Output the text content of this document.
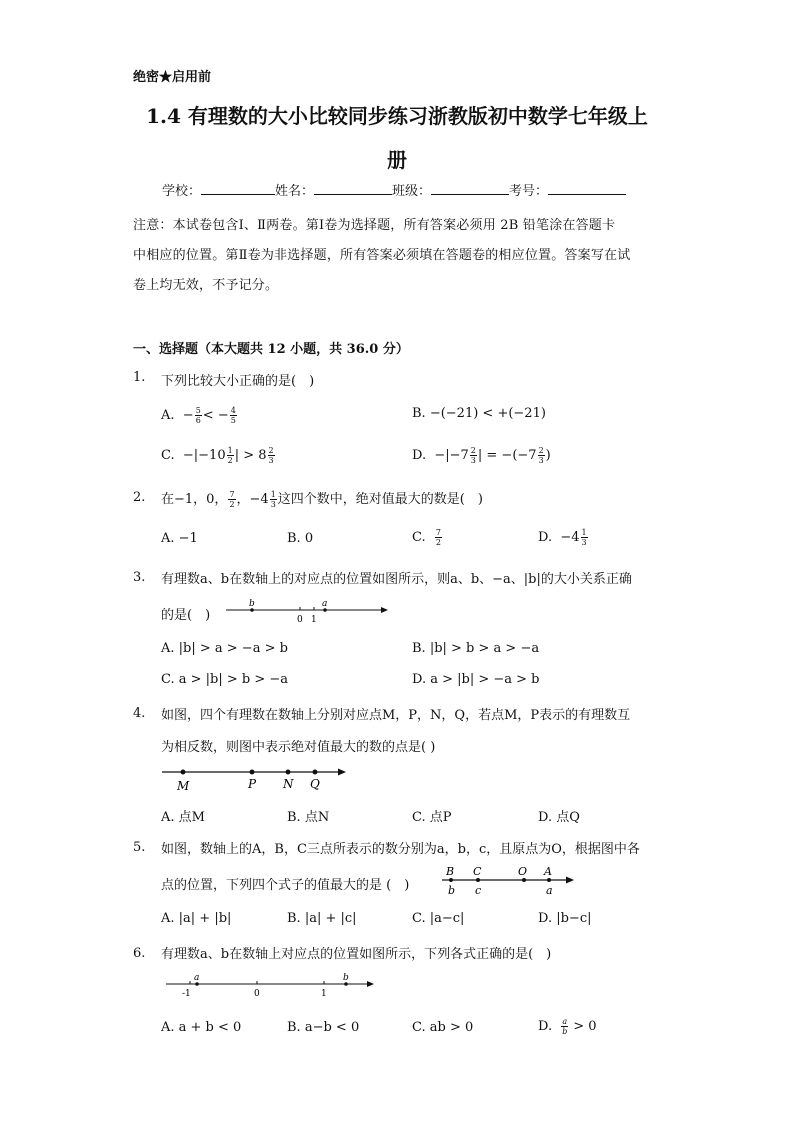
绝密★启用前
1.4 有理数的大小比较同步练习浙教版初中数学七年级上
册
学校：	姓名：	班级：	考号：
注意：本试卷包含Ⅰ、Ⅱ两卷。第Ⅰ卷为选择题，所有答案必须用 2B 铅笔涂在答题卡
中相应的位置。第Ⅱ卷为非选择题，所有答案必须填在答题卷的相应位置。答案写在试
卷上均无效，不予记分。
一、选择题（本大题共 12 小题，共 36.0 分）
1. 下列比较大小正确的是(　)
A.  − $\frac{5}{6}$ < − $\frac{4}{5}$	B. −(−21) < +(−21)
C.  $-|-10 \frac{1}{2}$ | > $8 \frac{2}{3}$	D.  $-|-7 \frac{2}{3}$ | = $-(-7 \frac{2}{3}$ )
2. 在−1，0， $\frac{7}{2}$ ，$-4 \frac{1}{3}$ 这四个数中，绝对值最大的数是(　)
A. −1	B. 0	C. $\frac{7}{2}$	D.  $-4 \frac{1}{3}$
3. 有理数a、b在数轴上的对应点的位置如图所示，则a、b、−a、|b|的大小关系正确
的是(　)
b
0 1
a
A. |b| > a > −a > b	B. |b| > b > a > −a
C. a > |b| > b > −a	D. a > |b| > −a > b
4. 如图，四个有理数在数轴上分别对应点M，P，N，Q，若点M，P表示的有理数互
为相反数，则图中表示绝对值最大的数的点是( )
M	P N Q
A. 点M	B. 点N	C. 点P	D. 点Q
5. 如图，数轴上的A，B，C三点所表示的数分别为a，b，c，且原点为O，根据图中各
点的位置，下列四个式子的值最大的是 (　)
B C	O A
b c	a
A. |a| + |b|	B. |a| + |c|	C. |a−c|	D. |b−c|
6. 有理数a、b在数轴上对应点的位置如图所示，下列各式正确的是(　)
a
-1	0	1
b
A. a + b < 0	B. a−b < 0	C. ab > 0	D. $\frac{a}{b} > 0$
